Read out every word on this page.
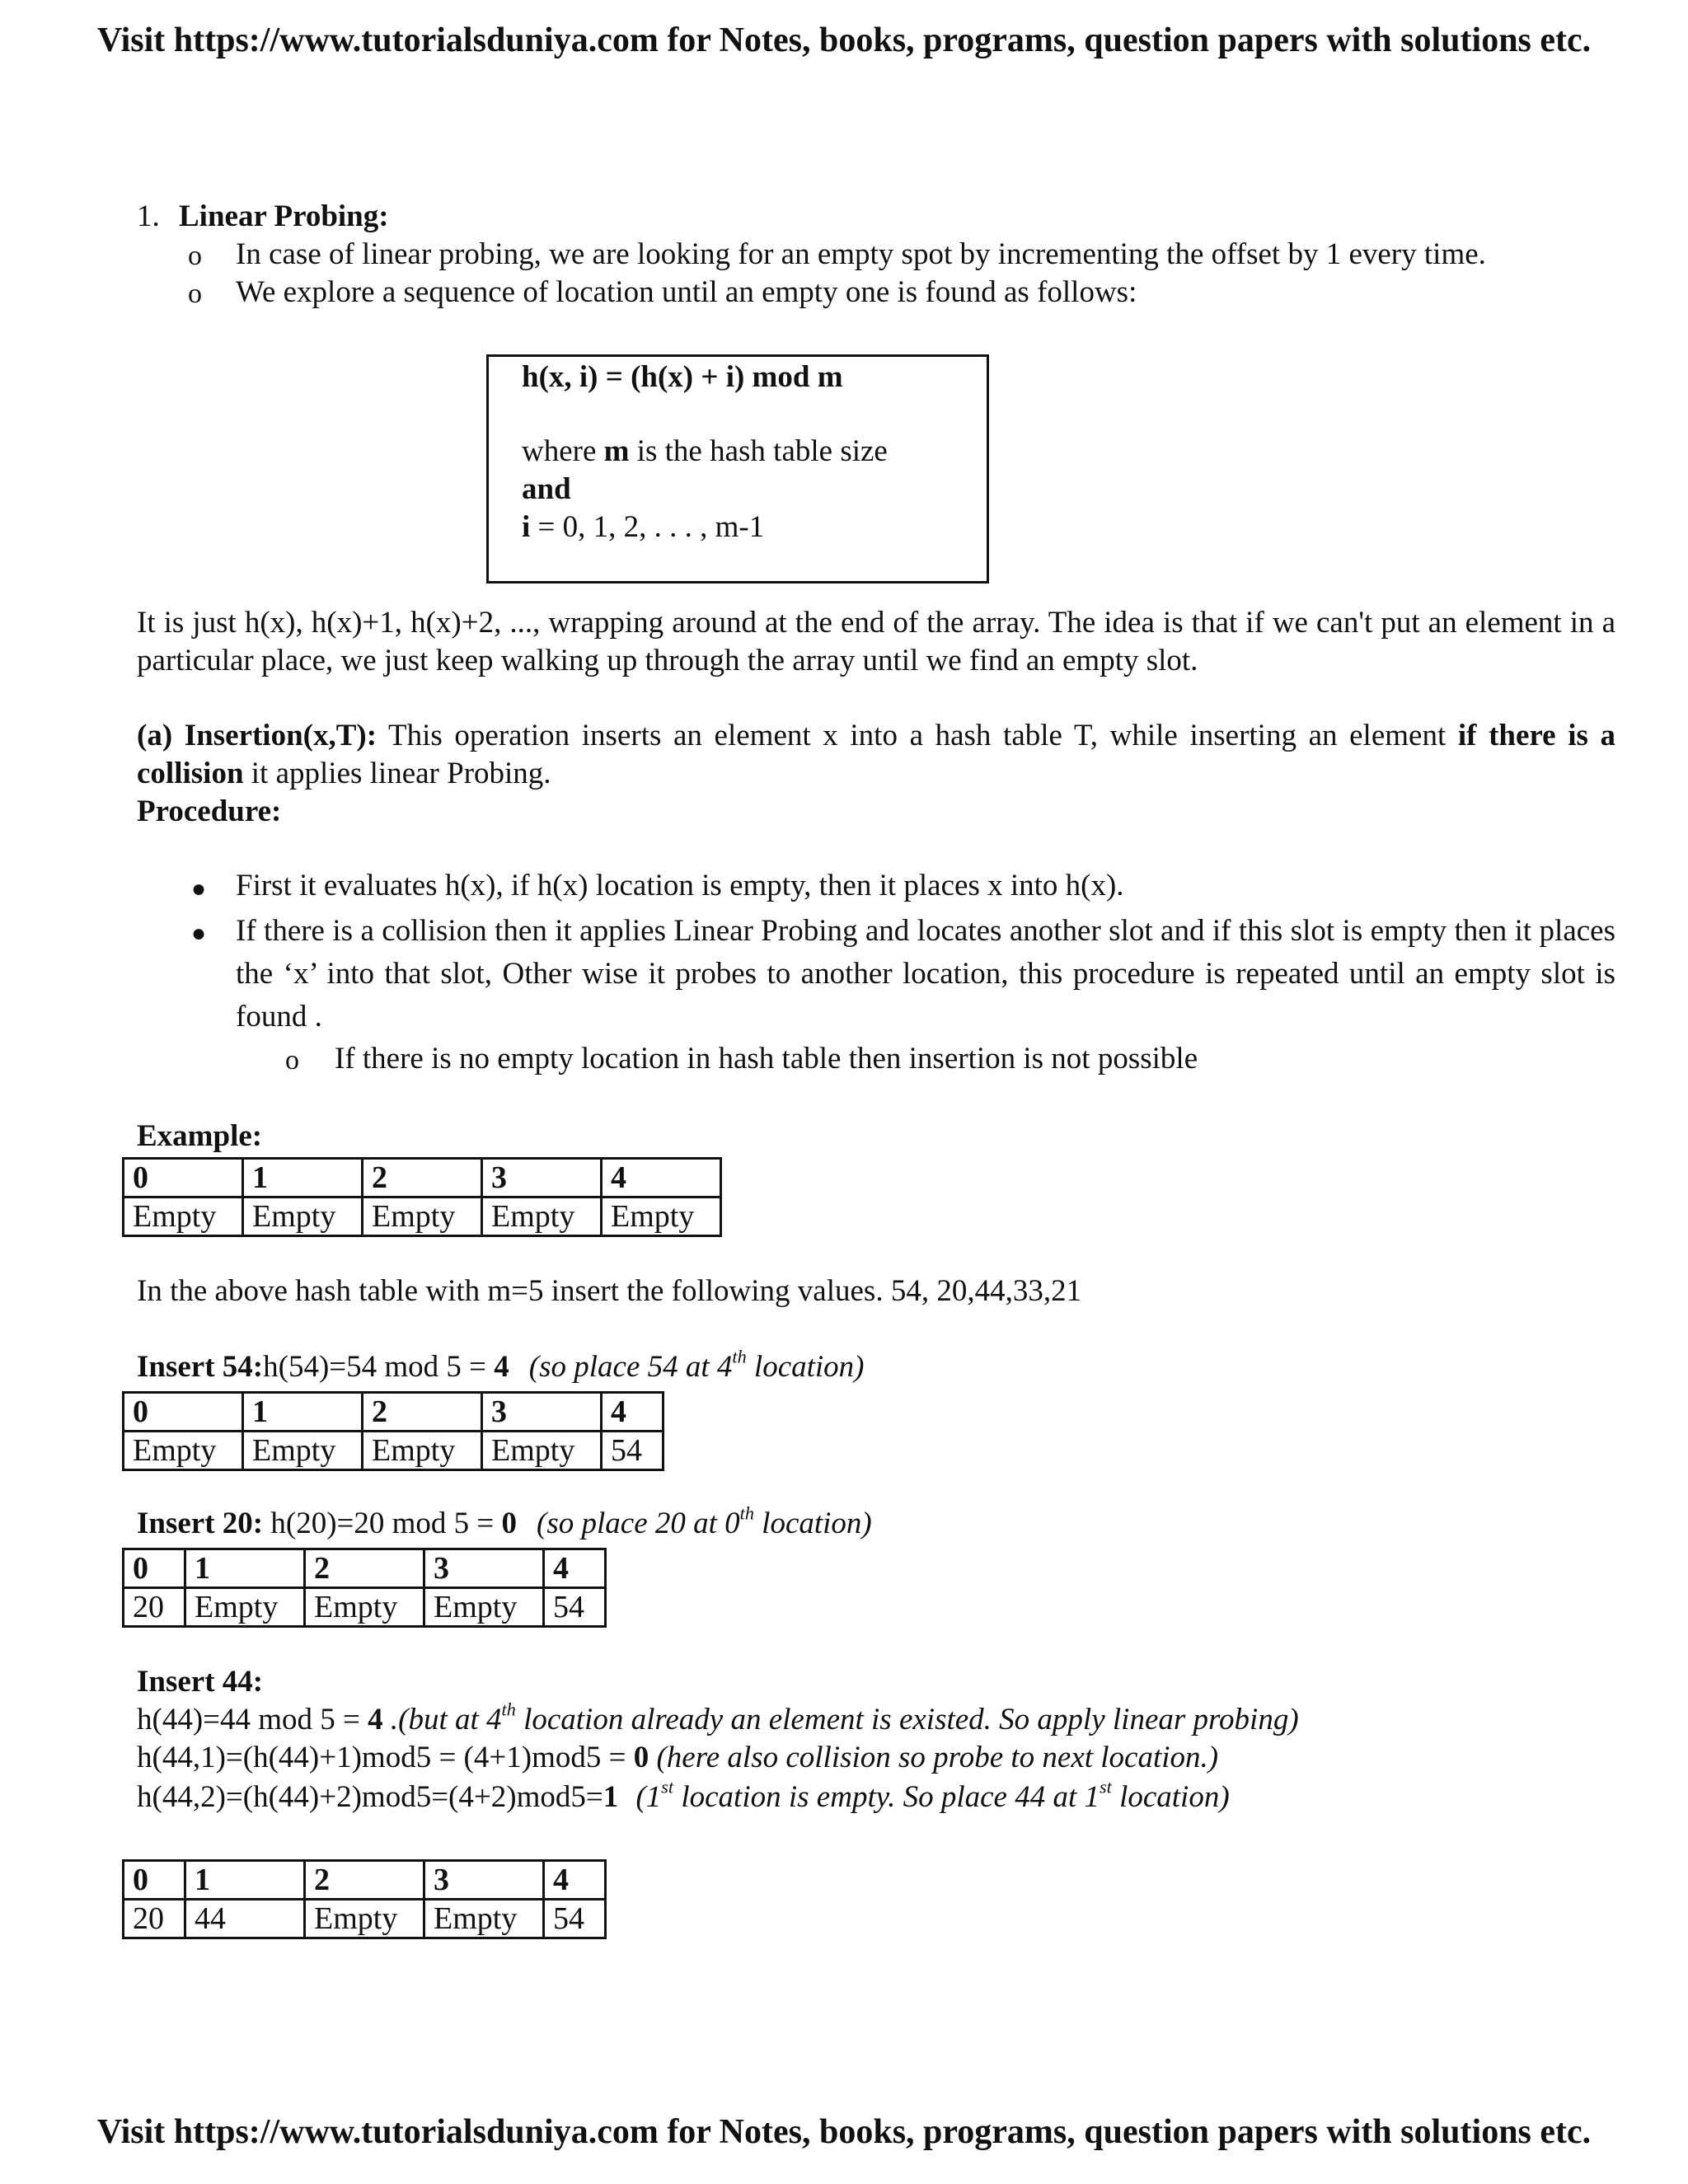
Visit https://www.tutorialsduniya.com for Notes, books, programs, question papers with solutions etc.
1. Linear Probing:
o In case of linear probing, we are looking for an empty spot by incrementing the offset by 1 every time.
o We explore a sequence of location until an empty one is found as follows:
h(x, i) = (h(x) + i) mod m
where m is the hash table size
and
i = 0, 1, 2, . . . , m-1
It is just h(x), h(x)+1, h(x)+2, ..., wrapping around at the end of the array. The idea is that if we can't put an element in a particular place, we just keep walking up through the array until we find an empty slot.
(a) Insertion(x,T): This operation inserts an element x into a hash table T, while inserting an element if there is a collision it applies linear Probing.
Procedure:
● First it evaluates h(x), if h(x) location is empty, then it places x into h(x).
● If there is a collision then it applies Linear Probing and locates another slot and if this slot is empty then it places the ‘x’ into that slot, Other wise it probes to another location, this procedure is repeated until an empty slot is found .
o If there is no empty location in hash table then insertion is not possible
Example:
0	1	2	3	4
Empty	Empty	Empty	Empty	Empty
In the above hash table with m=5 insert the following values. 54, 20,44,33,21
Insert 54:h(54)=54 mod 5 = 4 (so place 54 at 4th location)
0	1	2	3	4
Empty	Empty	Empty	Empty	54
Insert 20: h(20)=20 mod 5 = 0 (so place 20 at 0th location)
0	1	2	3	4
20	Empty	Empty	Empty	54
Insert 44:
h(44)=44 mod 5 = 4 .(but at 4th location already an element is existed. So apply linear probing)
h(44,1)=(h(44)+1)mod5 = (4+1)mod5 = 0 (here also collision so probe to next location.)
h(44,2)=(h(44)+2)mod5=(4+2)mod5=1 (1st location is empty. So place 44 at 1st location)
0	1	2	3	4
20	44	Empty	Empty	54
Visit https://www.tutorialsduniya.com for Notes, books, programs, question papers with solutions etc.
